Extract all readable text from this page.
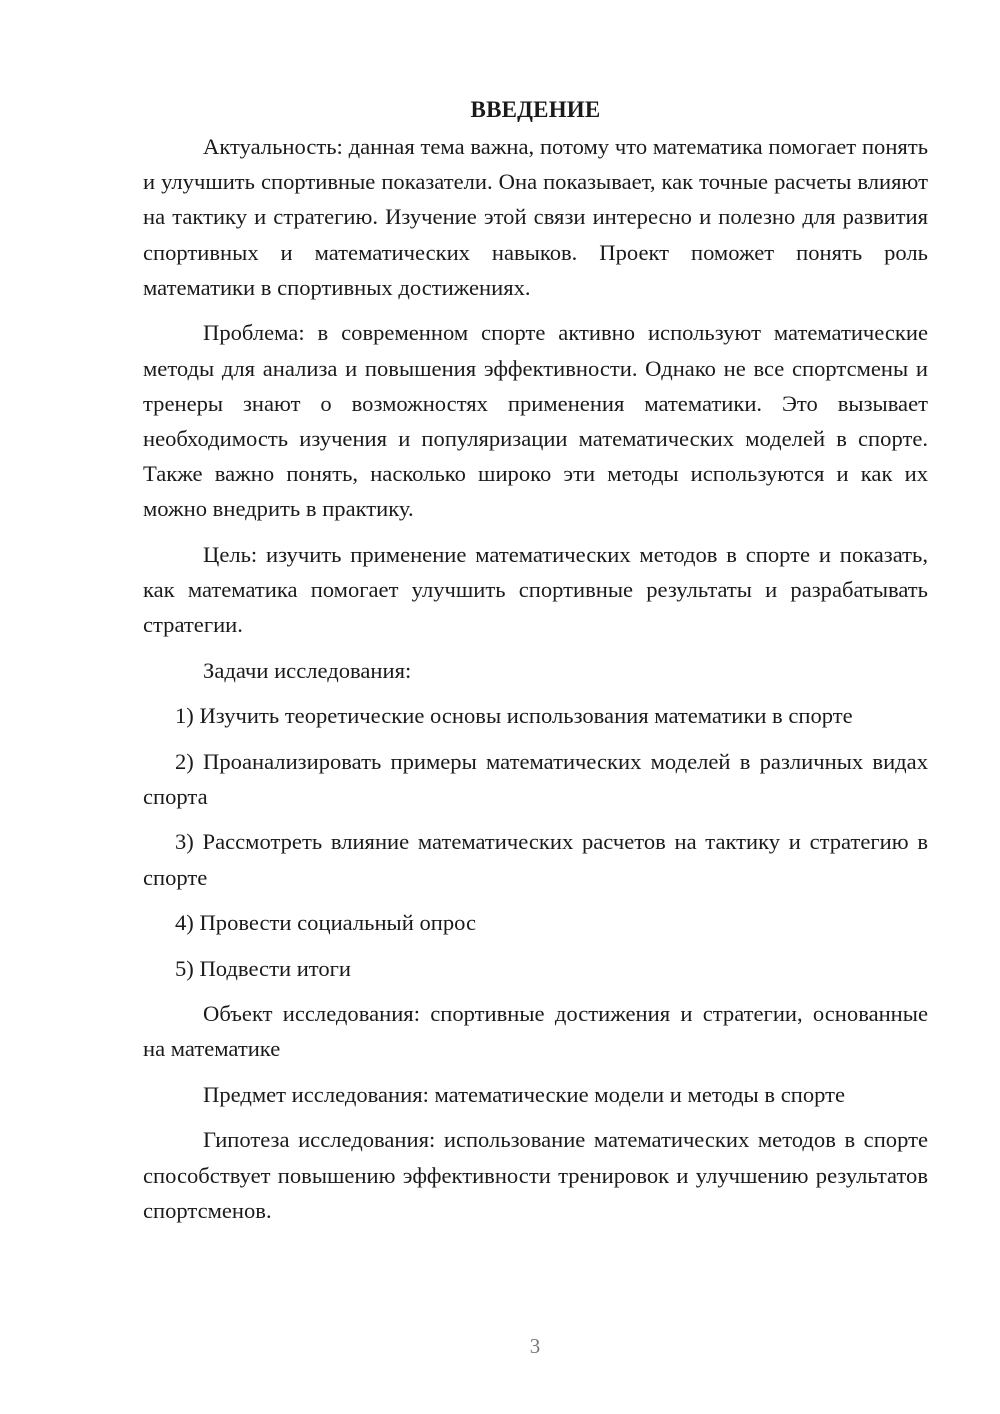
ВВЕДЕНИЕ

Актуальность: данная тема важна, потому что математика помогает понять и улучшить спортивные показатели. Она показывает, как точные расчеты влияют на тактику и стратегию. Изучение этой связи интересно и полезно для развития спортивных и математических навыков. Проект поможет понять роль математики в спортивных достижениях.

Проблема: в современном спорте активно используют математические методы для анализа и повышения эффективности. Однако не все спортсмены и тренеры знают о возможностях применения математики. Это вызывает необходимость изучения и популяризации математических моделей в спорте. Также важно понять, насколько широко эти методы используются и как их можно внедрить в практику.

Цель: изучить применение математических методов в спорте и показать, как математика помогает улучшить спортивные результаты и разрабатывать стратегии.

Задачи исследования:

1) Изучить теоретические основы использования математики в спорте

2) Проанализировать примеры математических моделей в различных видах спорта

3) Рассмотреть влияние математических расчетов на тактику и стратегию в спорте

4) Провести социальный опрос

5) Подвести итоги

Объект исследования: спортивные достижения и стратегии, основанные на математике

Предмет исследования: математические модели и методы в спорте

Гипотеза исследования: использование математических методов в спорте способствует повышению эффективности тренировок и улучшению результатов спортсменов.

3
